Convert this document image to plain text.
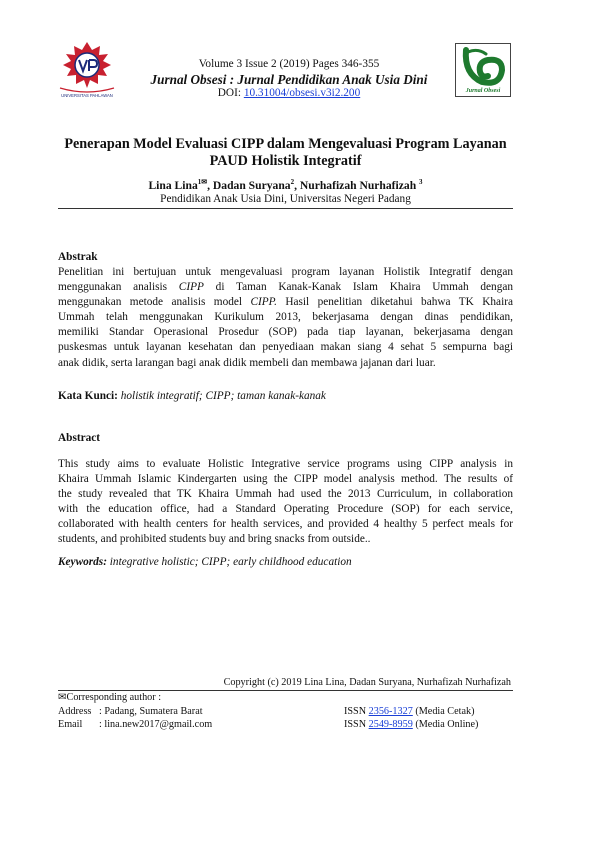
UNIVERSITAS PAHLAWAN
Volume 3 Issue 2 (2019) Pages 346-355
Jurnal Obsesi : Jurnal Pendidikan Anak Usia Dini
DOI: 10.31004/obsesi.v3i2.200	Jurnal Obsesi
Penerapan Model Evaluasi CIPP dalam Mengevaluasi Program Layanan
PAUD Holistik Integratif
Lina Lina$^{1✉}$, Dadan Suryana$^2$, Nurhafizah Nurhafizah $^3$
Pendidikan Anak Usia Dini, Universitas Negeri Padang
Abstrak
Penelitian ini bertujuan untuk mengevaluasi program layanan Holistik Integratif dengan
menggunakan analisis CIPP di Taman Kanak-Kanak Islam Khaira Ummah dengan
menggunakan metode analisis model CIPP. Hasil penelitian diketahui bahwa TK Khaira
Ummah telah menggunakan Kurikulum 2013, bekerjasama dengan dinas pendidikan,
memiliki Standar Operasional Prosedur (SOP) pada tiap layanan, bekerjasama dengan
puskesmas untuk layanan kesehatan dan penyediaan makan siang 4 sehat 5 sempurna bagi
anak didik, serta larangan bagi anak didik membeli dan membawa jajanan dari luar.
Kata Kunci: holistik integratif; CIPP; taman kanak-kanak
Abstract
This study aims to evaluate Holistic Integrative service programs using CIPP analysis in
Khaira Ummah Islamic Kindergarten using the CIPP model analysis method. The results of
the study revealed that TK Khaira Ummah had used the 2013 Curriculum, in collaboration
with the education office, had a Standard Operating Procedure (SOP) for each service,
collaborated with health centers for health services, and provided 4 healthy 5 perfect meals for
students, and prohibited students buy and bring snacks from outside..
Keywords: integrative holistic; CIPP; early childhood education
Copyright (c) 2019 Lina Lina, Dadan Suryana, Nurhafizah Nurhafizah
✉Corresponding author :
Address : Padang, Sumatera Barat
Email : lina.new2017@gmail.com
ISSN 2356-1327 (Media Cetak)
ISSN 2549-8959 (Media Online)
